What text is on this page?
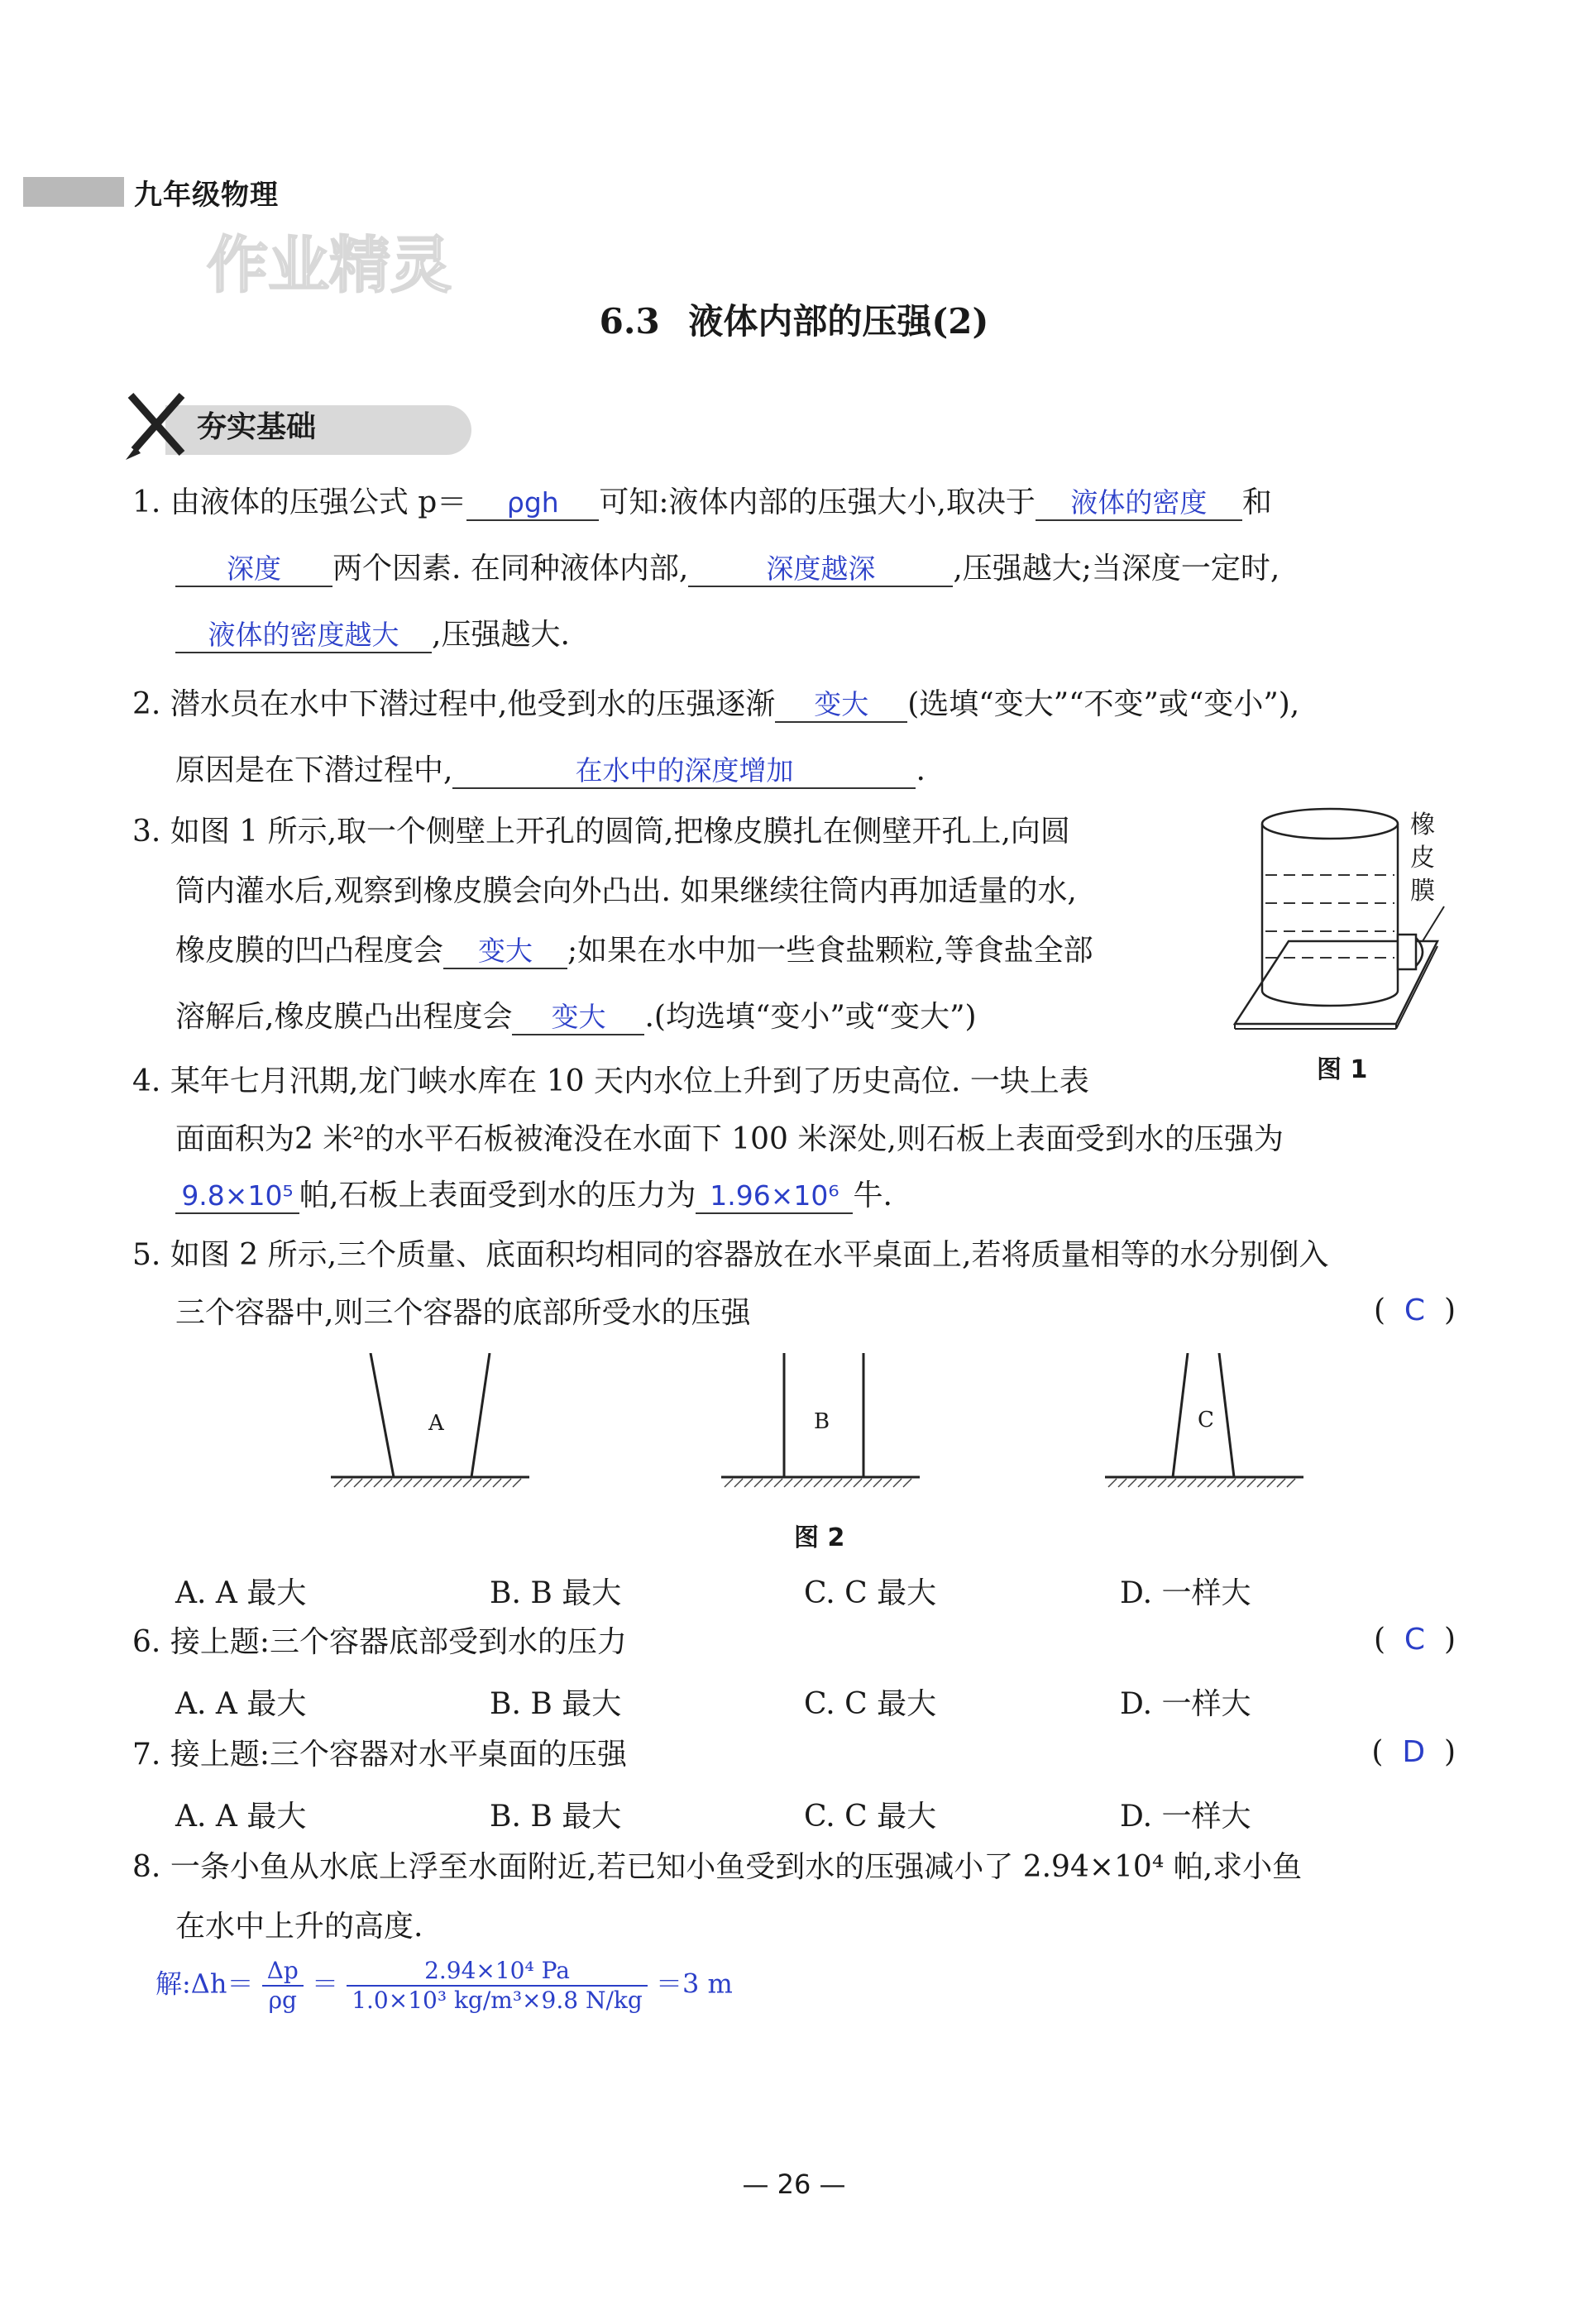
九年级物理
作业精灵
6.3 液体内部的压强(2)
夯实基础
1. 由液体的压强公式 p＝ ρgh 可知:液体内部的压强大小,取决于 液体的密度 和
深度 两个因素. 在同种液体内部,	深度越深	,压强越大;当深度一定时,
液体的密度越大 ,压强越大.
2. 潜水员在水中下潜过程中,他受到水的压强逐渐 变大 (选填“变大”“不变”或“变小”),
原因是在下潜过程中,	在水中的深度增加	.
3. 如图 1 所示,取一个侧壁上开孔的圆筒,把橡皮膜扎在侧壁开孔上,向圆
筒内灌水后,观察到橡皮膜会向外凸出. 如果继续往筒内再加适量的水,
橡皮膜的凹凸程度会 变大 ;如果在水中加一些食盐颗粒,等食盐全部
溶解后,橡皮膜凸出程度会 变大 .(均选填“变小”或“变大”)
橡皮膜
图 1
4. 某年七月汛期,龙门峡水库在 10 天内水位上升到了历史高位. 一块上表
面面积为2 米²的水平石板被淹没在水面下 100 米深处,则石板上表面受到水的压强为
9.8×10⁵ 帕,石板上表面受到水的压力为 1.96×10⁶ 牛.
5. 如图 2 所示,三个质量、底面积均相同的容器放在水平桌面上,若将质量相等的水分别倒入
三个容器中,则三个容器的底部所受水的压强	(  C  )
A	B	C
图 2
A. A 最大	B. B 最大	C. C 最大	D. 一样大
6. 接上题:三个容器底部受到水的压力	(  C  )
A. A 最大	B. B 最大	C. C 最大	D. 一样大
7. 接上题:三个容器对水平桌面的压强	(  D  )
A. A 最大	B. B 最大	C. C 最大	D. 一样大
8. 一条小鱼从水底上浮至水面附近,若已知小鱼受到水的压强减小了 2.94×10⁴ 帕,求小鱼
在水中上升的高度.
解:Δh＝ $\frac{\Delta p}{\rho g} = \frac{\text{2.94×10⁴ Pa}}{\text{1.0×10³ kg/m³×9.8 N/kg}} =3$ m
— 26 —
